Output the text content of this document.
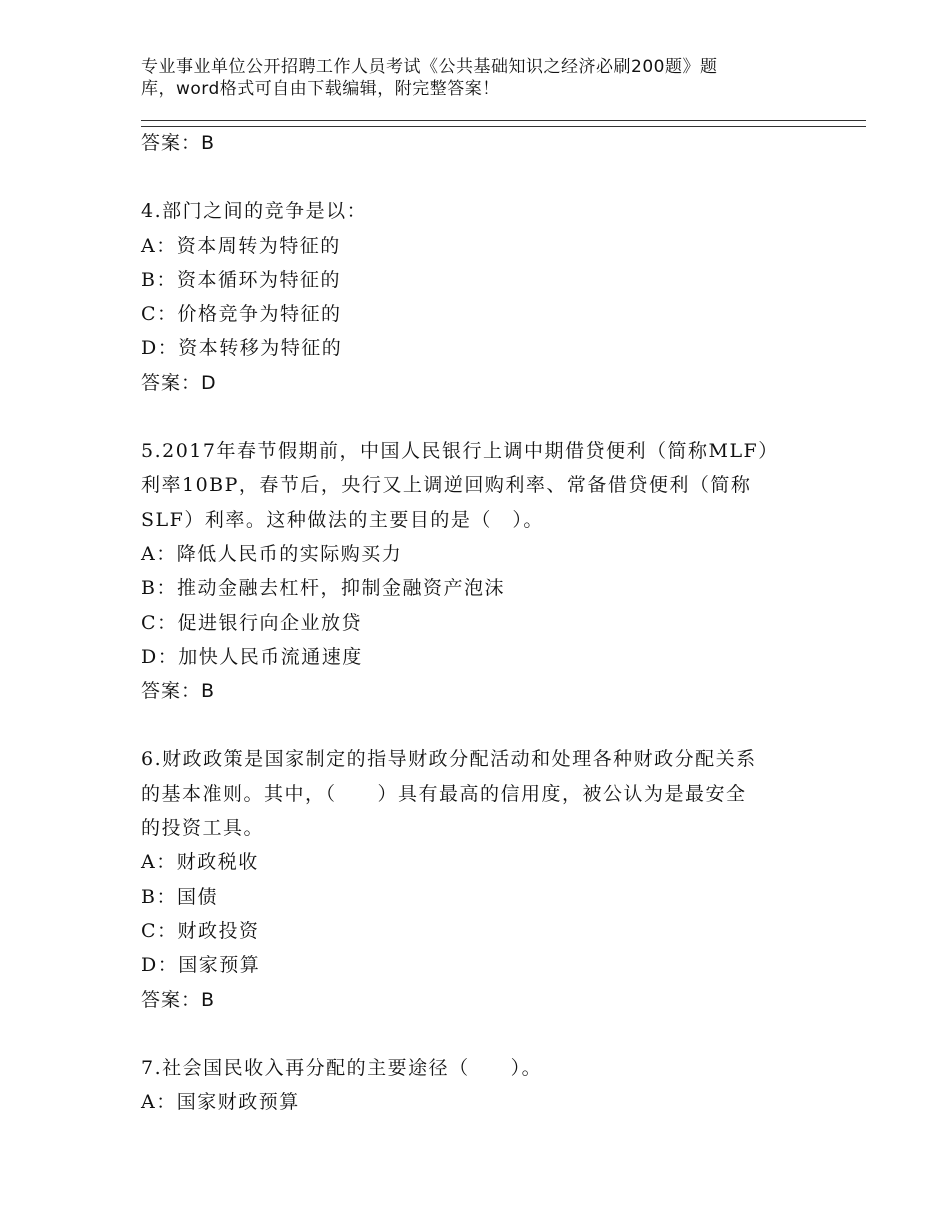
专业事业单位公开招聘工作人员考试《公共基础知识之经济必刷200题》题
库，word格式可自由下载编辑，附完整答案！
答案：B
4.部门之间的竞争是以：
A：资本周转为特征的
B：资本循环为特征的
C：价格竞争为特征的
D：资本转移为特征的
答案：D
5.2017年春节假期前，中国人民银行上调中期借贷便利（简称MLF）
利率10BP，春节后，央行又上调逆回购利率、常备借贷便利（简称
SLF）利率。这种做法的主要目的是（　）。
A：降低人民币的实际购买力
B：推动金融去杠杆，抑制金融资产泡沫
C：促进银行向企业放贷
D：加快人民币流通速度
答案：B
6.财政政策是国家制定的指导财政分配活动和处理各种财政分配关系
的基本准则。其中，（　　）具有最高的信用度，被公认为是最安全
的投资工具。
A：财政税收
B：国债
C：财政投资
D：国家预算
答案：B
7.社会国民收入再分配的主要途径（　　）。
A：国家财政预算
